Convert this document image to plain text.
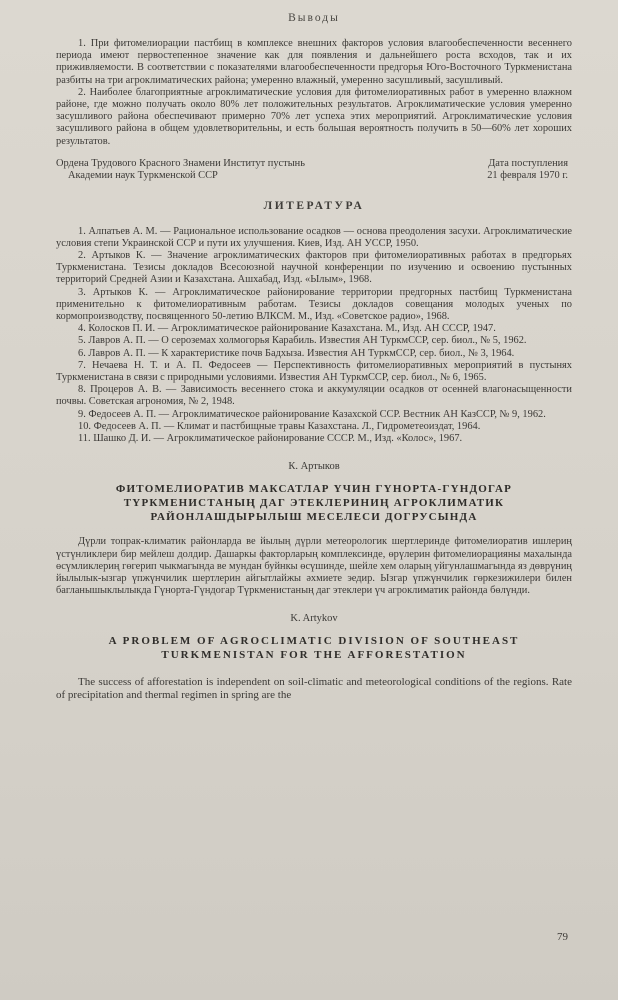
Выводы

1. При фитомелиорации пастбищ в комплексе внешних факторов условия влагообеспеченности весеннего периода имеют первостепенное значение как для появления и дальнейшего роста всходов, так и их приживляемости. В соответствии с показателями влагообеспеченности предгорья Юго-Восточного Туркменистана разбиты на три агроклиматических района; умеренно влажный, умеренно засушливый, засушливый.

2. Наиболее благоприятные агроклиматические условия для фитомелиоративных работ в умеренно влажном районе, где можно получать около 80% лет положительных результатов. Агроклиматические условия умеренно засушливого района обеспечивают примерно 70% лет успеха этих мероприятий. Агроклиматические условия засушливого района в общем удовлетворительны, и есть большая вероятность получить в 50—60% лет хороших результатов.

Ордена Трудового Красного Знамени Институт пустынь
Академии наук Туркменской ССР
Дата поступления
21 февраля 1970 г.
ЛИТЕРАТУРА

1. Алпатьев А. М. — Рациональное использование осадков — основа преодоления засухи. Агроклиматические условия степи Украинской ССР и пути их улучшения. Киев, Изд. АН УССР, 1950.

2. Артыков К. — Значение агроклиматических факторов при фитомелиоративных работах в предгорьях Туркменистана. Тезисы докладов Всесоюзной научной конференции по изучению и освоению пустынных территорий Средней Азии и Казахстана. Ашхабад, Изд. «Ылым», 1968.

3. Артыков К. — Агроклиматическое районирование территории предгорных пастбищ Туркменистана применительно к фитомелиоративным работам. Тезисы докладов совещания молодых ученых по кормопроизводству, посвященного 50-летию ВЛКСМ. М., Изд. «Советское радио», 1968.

4. Колосков П. И. — Агроклиматическое районирование Казахстана. М., Изд. АН СССР, 1947.

5. Лавров А. П. — О сероземах холмогорья Карабиль. Известия АН ТуркмССР, сер. биол., № 5, 1962.

6. Лавров А. П. — К характеристике почв Бадхыза. Известия АН ТуркмССР, сер. биол., № 3, 1964.

7. Нечаева Н. Т. и А. П. Федосеев — Перспективность фитомелиоративных мероприятий в пустынях Туркменистана в связи с природными условиями. Известия АН ТуркмССР, сер. биол., № 6, 1965.

8. Процеров А. В. — Зависимость весеннего стока и аккумуляции осадков от осенней влагонасыщенности почвы. Советская агрономия, № 2, 1948.

9. Федосеев А. П. — Агроклиматическое районирование Казахской ССР. Вестник АН КазССР, № 9, 1962.

10. Федосеев А. П. — Климат и пастбищные травы Казахстана. Л., Гидрометеоиздат, 1964.

11. Шашко Д. И. — Агроклиматическое районирование СССР. М., Изд. «Колос», 1967.

К. Артыков
ФИТОМЕЛИОРАТИВ МАКСАТЛАР ҮЧИН ГҮНОРТА-ГҮНДОГАР ТҮРКМЕНИСТАНЫҢ ДАГ ЭТЕКЛЕРИНИҢ АГРОКЛИМАТИК РАЙОНЛАШДЫРЫЛЫШ МЕСЕЛЕСИ ДОГРУСЫНДА

Дүрли топрак-климатик районларда ве йылың дүрли метеорологик шертлеринде фитомелиоратив ишлериң үстүнликлери бир мейлеш долдир. Дашаркы факторларың комплексинде, өрүлерин фитомелиорацияны махалында өсүмликлериң гөгерип чыкмагында ве мундан буйнкы өсүшинде, шейле хем оларың уйгунлашмагында яз дөврүниң йылылык-ызгар үпжүнчилик шертлерин айгытлайжы әхмиете эедир. Ызгар үпжүнчилик гөркезижилери билен багланышыклылыкда Гүнорта-Гүндогар Түркменистаның даг этеклери үч агроклиматик районда бөлүнди.

K. Artykov
A PROBLEM OF AGROCLIMATIC DIVISION OF SOUTHEAST TURKMENISTAN FOR THE AFFORESTATION

The success of afforestation is independent on soil-climatic and meteorological conditions of the regions. Rate of precipitation and thermal regimen in spring are the

79
